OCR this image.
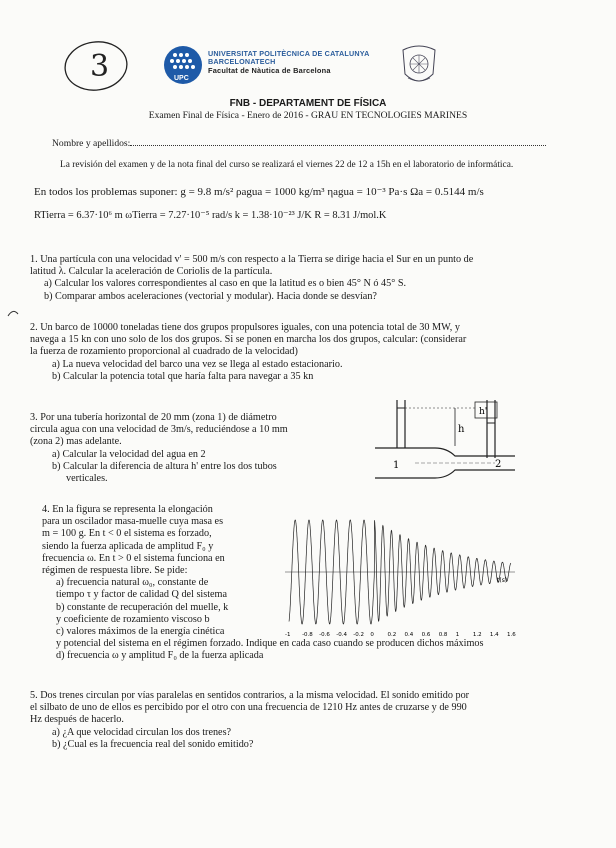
3	UPC
UNIVERSITAT POLITÈCNICA DE CATALUNYA
BARCELONATECH
Facultat de Nàutica de Barcelona
FNB - DEPARTAMENT DE FÍSICA
Examen Final de Física - Enero de 2016 - GRAU EN TECNOLOGIES MARINES
Nombre y apellidos:
La revisión del examen y de la nota final del curso se realizará el viernes 22 de 12 a 15h en el laboratorio de informática.
En todos los problemas suponer: g = 9.8 m/s² ρagua = 1000 kg/m³ ηagua = 10⁻³ Pa·s Ωa = 0.5144 m/s
RTierra = 6.37·10⁶ m ωTierra = 7.27·10⁻⁵ rad/s k = 1.38·10⁻²³ J/K R = 8.31 J/mol.K
1. Una partícula con una velocidad v' = 500 m/s con respecto a la Tierra se dirige hacia el Sur en un punto de
latitud λ. Calcular la aceleración de Coriolis de la partícula.
a) Calcular los valores correspondientes al caso en que la latitud es o bien 45° N ó 45° S.
b) Comparar ambos aceleraciones (vectorial y modular). Hacia donde se desvían?
2. Un barco de 10000 toneladas tiene dos grupos propulsores iguales, con una potencia total de 30 MW, y
navega a 15 kn con uno solo de los dos grupos. Si se ponen en marcha los dos grupos, calcular: (considerar
la fuerza de rozamiento proporcional al cuadrado de la velocidad)
a) La nueva velocidad del barco una vez se llega al estado estacionario.
b) Calcular la potencia total que haría falta para navegar a 35 kn
3. Por una tubería horizontal de 20 mm (zona 1) de diámetro
circula agua con una velocidad de 3m/s, reduciéndose a 10 mm
(zona 2) mas adelante.
a) Calcular la velocidad del agua en 2
b) Calcular la diferencia de altura h' entre los dos tubos
verticales.
h'
h
1	2
4. En la figura se representa la elongación
para un oscilador masa-muelle cuya masa es
m = 100 g. En t < 0 el sistema es forzado,
siendo la fuerza aplicada de amplitud F₀ y
frecuencia ω. En t > 0 el sistema funciona en
régimen de respuesta libre. Se pide:
a) frecuencia natural ω₀, constante de
tiempo τ y factor de calidad Q del sistema
b) constante de recuperación del muelle, k
y coeficiente de rozamiento viscoso b
c) valores máximos de la energía cinética
y potencial del sistema en el régimen forzado. Indique en cada caso cuando se producen dichos máximos
d) frecuencia ω y amplitud F₀ de la fuerza aplicada
-1 -0.8 -0.6 -0.4 -0.2 0 0.2 0.4 0.6 0.8 1 1.2 1.4 1.6
t(s)
5. Dos trenes circulan por vías paralelas en sentidos contrarios, a la misma velocidad. El sonido emitido por
el silbato de uno de ellos es percibido por el otro con una frecuencia de 1210 Hz antes de cruzarse y de 990
Hz después de hacerlo.
a) ¿A que velocidad circulan los dos trenes?
b) ¿Cual es la frecuencia real del sonido emitido?
